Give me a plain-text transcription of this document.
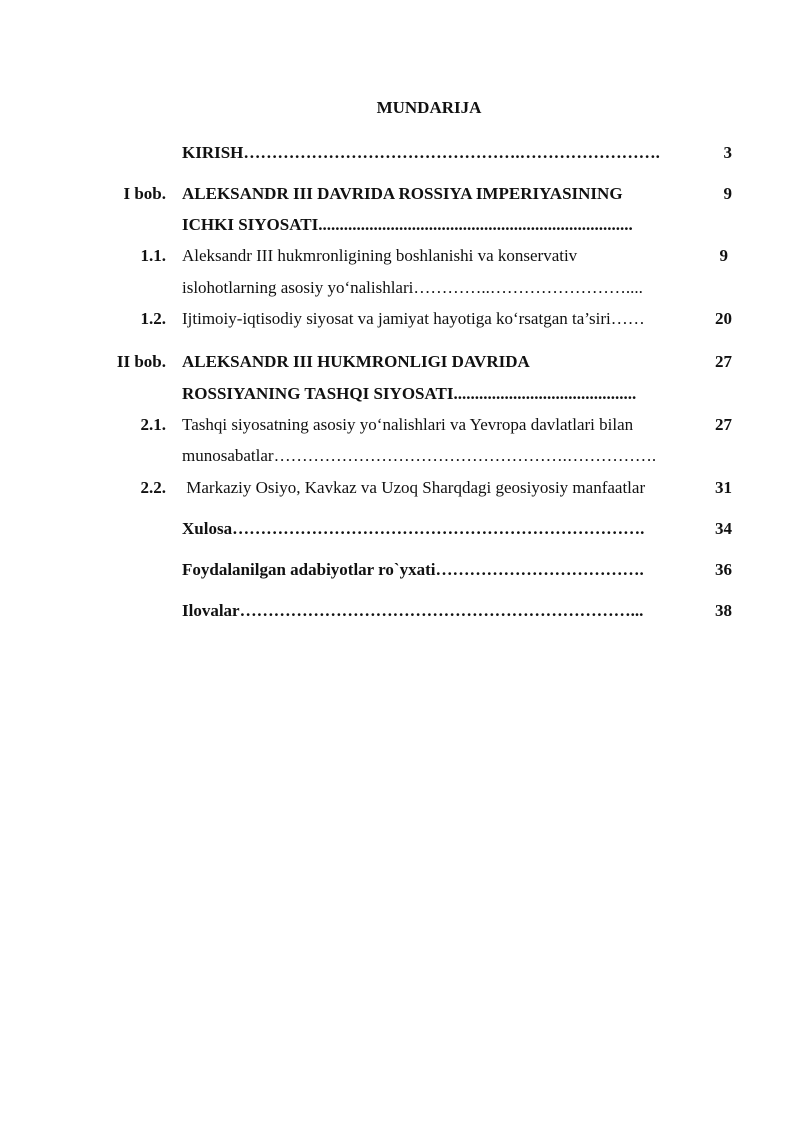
MUNDARIJA
KIRISH………………………………………….…………………….	3
I bob. ALEKSANDR III DAVRIDA ROSSIYA IMPERIYASINING	9
ICHKI SIYOSATI..........................................................................
1.1. Aleksandr III hukmronligining boshlanishi va konservativ	9
islohotlarning asosiy yo‘nalishlari…………..……………………....
1.2. Ijtimoiy-iqtisodiy siyosat va jamiyat hayotiga ko‘rsatgan ta’siri……	20
II bob. ALEKSANDR III HUKMRONLIGI DAVRIDA	27
ROSSIYANING TASHQI SIYOSATI...........................................
2.1. Tashqi siyosatning asosiy yo‘nalishlari va Yevropa davlatlari bilan	27
munosabatlar…………………………………………….…………….
2.2. Markaziy Osiyo, Kavkaz va Uzoq Sharqdagi geosiyosiy manfaatlar	31
Xulosa……………………………………………………………….	34
Foydalanilgan adabiyotlar ro`yxati……………………………….	36
Ilovalar……………………………………………………………...	38
